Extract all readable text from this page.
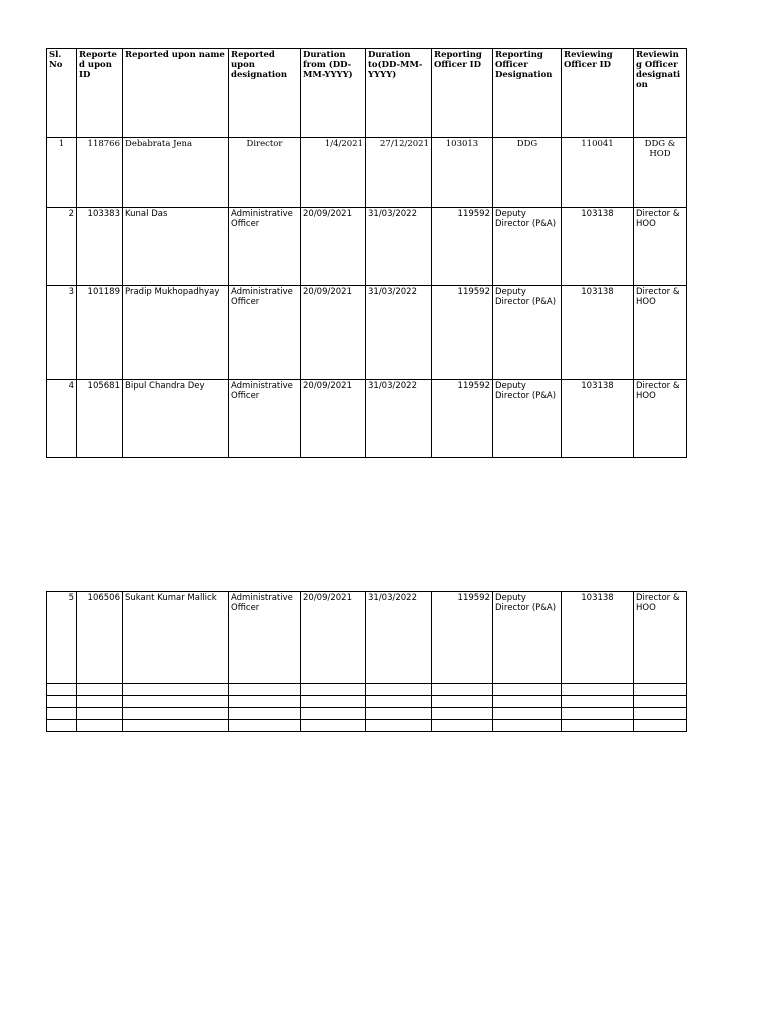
Sl. No	Reported upon ID	Reported upon name	Reported upon designation	Duration from (DD-MM-YYYY)	Duration to(DD-MM-YYYY)	Reporting Officer ID	Reporting Officer Designation	Reviewing Officer ID	Reviewing Officer designation
1	118766	Debabrata Jena	Director	1/4/2021	27/12/2021	103013	DDG	110041	DDG & HOD
2	103383	Kunal Das	Administrative Officer	20/09/2021	31/03/2022	119592	Deputy Director (P&A)	103138	Director & HOO
3	101189	Pradip Mukhopadhyay	Administrative Officer	20/09/2021	31/03/2022	119592	Deputy Director (P&A)	103138	Director & HOO
4	105681	Bipul Chandra Dey	Administrative Officer	20/09/2021	31/03/2022	119592	Deputy Director (P&A)	103138	Director & HOO
5	106506	Sukant Kumar Mallick	Administrative Officer	20/09/2021	31/03/2022	119592	Deputy Director (P&A)	103138	Director & HOO
